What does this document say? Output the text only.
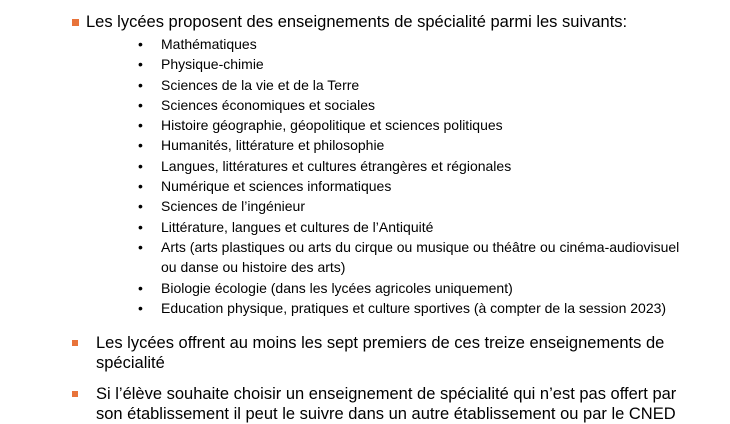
Les lycées proposent des enseignements de spécialité parmi les suivants:
• Mathématiques
• Physique-chimie
• Sciences de la vie et de la Terre
• Sciences économiques et sociales
• Histoire géographie, géopolitique et sciences politiques
• Humanités, littérature et philosophie
• Langues, littératures et cultures étrangères et régionales
• Numérique et sciences informatiques
• Sciences de l’ingénieur
• Littérature, langues et cultures de l’Antiquité
• Arts (arts plastiques ou arts du cirque ou musique ou théâtre ou cinéma-audiovisuel ou danse ou histoire des arts)
• Biologie écologie (dans les lycées agricoles uniquement)
• Education physique, pratiques et culture sportives (à compter de la session 2023)
Les lycées offrent au moins les sept premiers de ces treize enseignements de spécialité
Si l’élève souhaite choisir un enseignement de spécialité qui n’est pas offert par son établissement il peut le suivre dans un autre établissement ou par le CNED
